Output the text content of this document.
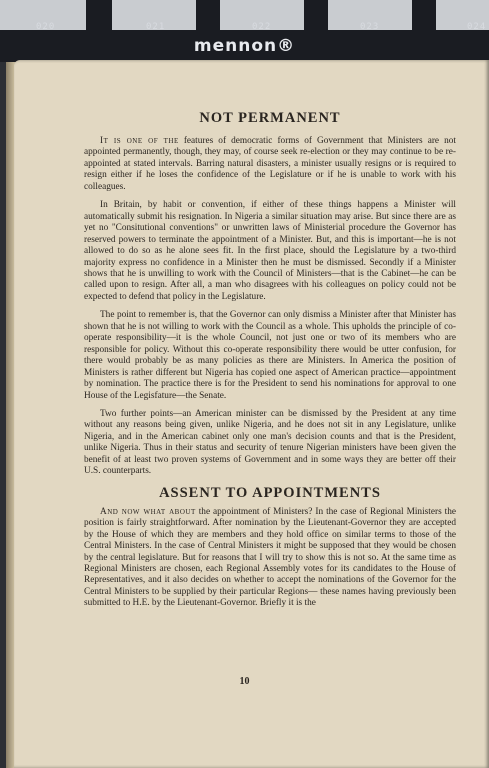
020	021	022	023	024
mennon®
NOT PERMANENT

It is one of the features of democratic forms of Government that Ministers are not appointed permanently, though, they may, of course seek re-election or they may continue to be re-appointed at stated intervals. Barring natural disasters, a minister usually resigns or is required to resign either if he loses the confidence of the Legislature or if he is unable to work with his colleagues.

In Britain, by habit or convention, if either of these things happens a Minister will automatically submit his resignation. In Nigeria a similar situation may arise. But since there are as yet no "Consitutional conventions" or unwritten laws of Ministerial procedure the Governor has reserved powers to terminate the appointment of a Minister. But, and this is important—he is not allowed to do so as he alone sees fit. In the first place, should the Legislature by a two-third majority express no confidence in a Minister then he must be dismissed. Secondly if a Minister shows that he is unwilling to work with the Council of Ministers—that is the Cabinet—he can be called upon to resign. After all, a man who disagrees with his colleagues on policy could not be expected to defend that policy in the Legislature.

The point to remember is, that the Governor can only dismiss a Minister after that Minister has shown that he is not willing to work with the Council as a whole. This upholds the principle of co-operate responsibility—it is the whole Council, not just one or two of its members who are responsible for policy. Without this co-operate responsibility there would be utter confusion, for there would probably be as many policies as there are Ministers. In America the position of Ministers is rather different but Nigeria has copied one aspect of American practice—appointment by nomination. The practice there is for the President to send his nominations for approval to one House of the Legisfature—the Senate.

Two further points—an American minister can be dismissed by the President at any time without any reasons being given, unlike Nigeria, and he does not sit in any Legislature, unlike Nigeria, and in the American cabinet only one man's decision counts and that is the President, unlike Nigeria. Thus in their status and security of tenure Nigerian ministers have been given the benefit of at least two proven systems of Government and in some ways they are better off their U.S. counterparts.

ASSENT TO APPOINTMENTS

And now what about the appointment of Ministers? In the case of Regional Ministers the position is fairly straightforward. After nomination by the Lieutenant-Governor they are accepted by the House of which they are members and they hold office on similar terms to those of the Central Ministers. In the case of Central Ministers it might be supposed that they would be chosen by the central legislature. But for reasons that I will try to show this is not so. At the same time as Regional Ministers are chosen, each Regional Assembly votes for its candidates to the House of Representatives, and it also decides on whether to accept the nominations of the Governor for the Central Ministers to be supplied by their particular Regions— these names having previously been submitted to H.E. by the Lieutenant-Governor. Briefly it is the

10
